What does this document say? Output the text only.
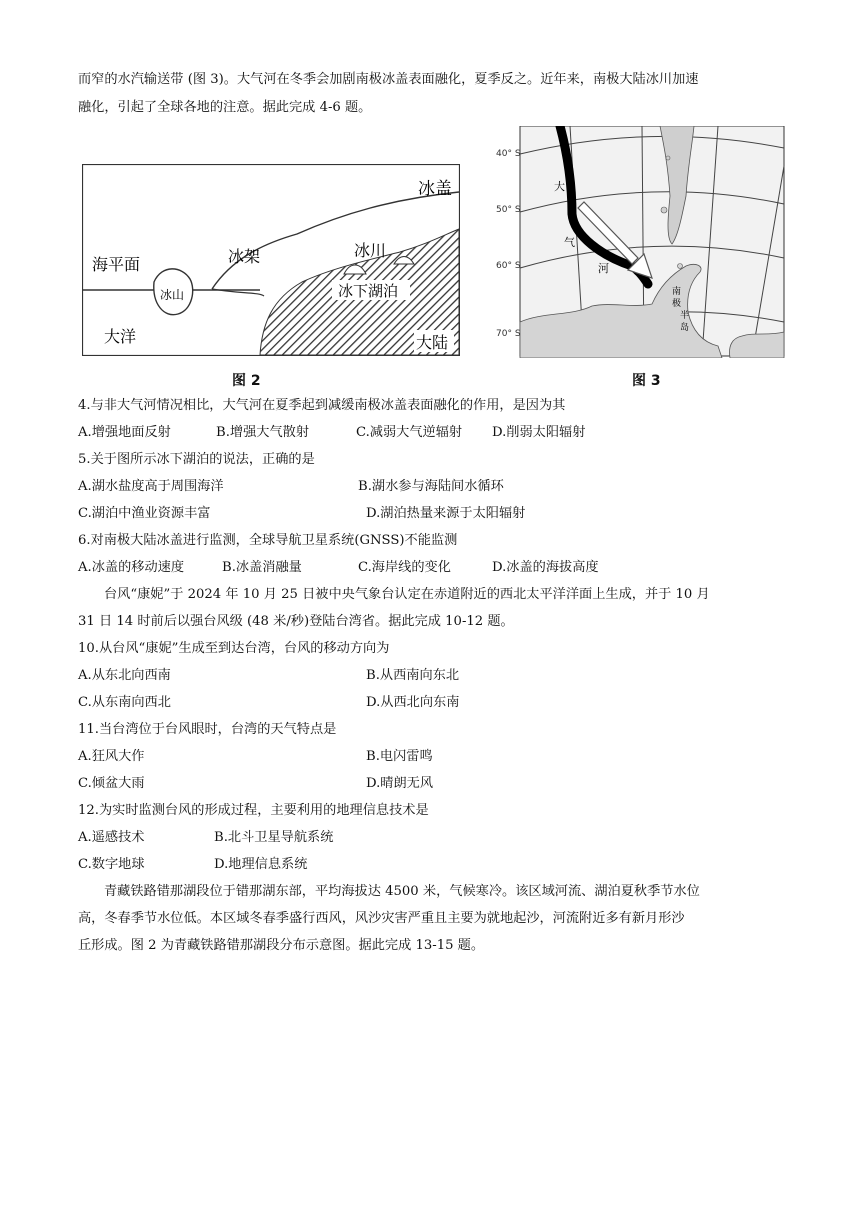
而窄的水汽输送带 (图 3)。大气河在冬季会加剧南极冰盖表面融化，夏季反之。近年来，南极大陆冰川加速
融化，引起了全球各地的注意。据此完成 4-6 题。
冰盖
海平面	冰架	冰川
冰山	冰下湖泊
大洋	大陆
图 2
40° S
50° S
60° S
70° S
大
气
河
南
极
半
岛
图 3
4.与非大气河情况相比，大气河在夏季起到减缓南极冰盖表面融化的作用，是因为其
A.增强地面反射	B.增强大气散射	C.减弱大气逆辐射 D.削弱太阳辐射
5.关于图所示冰下湖泊的说法，正确的是
A.湖水盐度高于周围海洋	B.湖水参与海陆间水循环
C.湖泊中渔业资源丰富	D.湖泊热量来源于太阳辐射
6.对南极大陆冰盖进行监测，全球导航卫星系统(GNSS)不能监测
A.冰盖的移动速度	B.冰盖消融量	C.海岸线的变化	D.冰盖的海拔高度
台风“康妮”于 2024 年 10 月 25 日被中央气象台认定在赤道附近的西北太平洋洋面上生成，并于 10 月
31 日 14 时前后以强台风级 (48 米/秒)登陆台湾省。据此完成 10-12 题。
10.从台风“康妮”生成至到达台湾，台风的移动方向为
A.从东北向西南	B.从西南向东北
C.从东南向西北	D.从西北向东南
11.当台湾位于台风眼时，台湾的天气特点是
A.狂风大作	B.电闪雷鸣
C.倾盆大雨	D.晴朗无风
12.为实时监测台风的形成过程，主要利用的地理信息技术是
A.遥感技术	B.北斗卫星导航系统
C.数字地球	D.地理信息系统
青藏铁路错那湖段位于错那湖东部，平均海拔达 4500 米，气候寒冷。该区域河流、湖泊夏秋季节水位
高，冬春季节水位低。本区域冬春季盛行西风，风沙灾害严重且主要为就地起沙，河流附近多有新月形沙
丘形成。图 2 为青藏铁路错那湖段分布示意图。据此完成 13-15 题。
